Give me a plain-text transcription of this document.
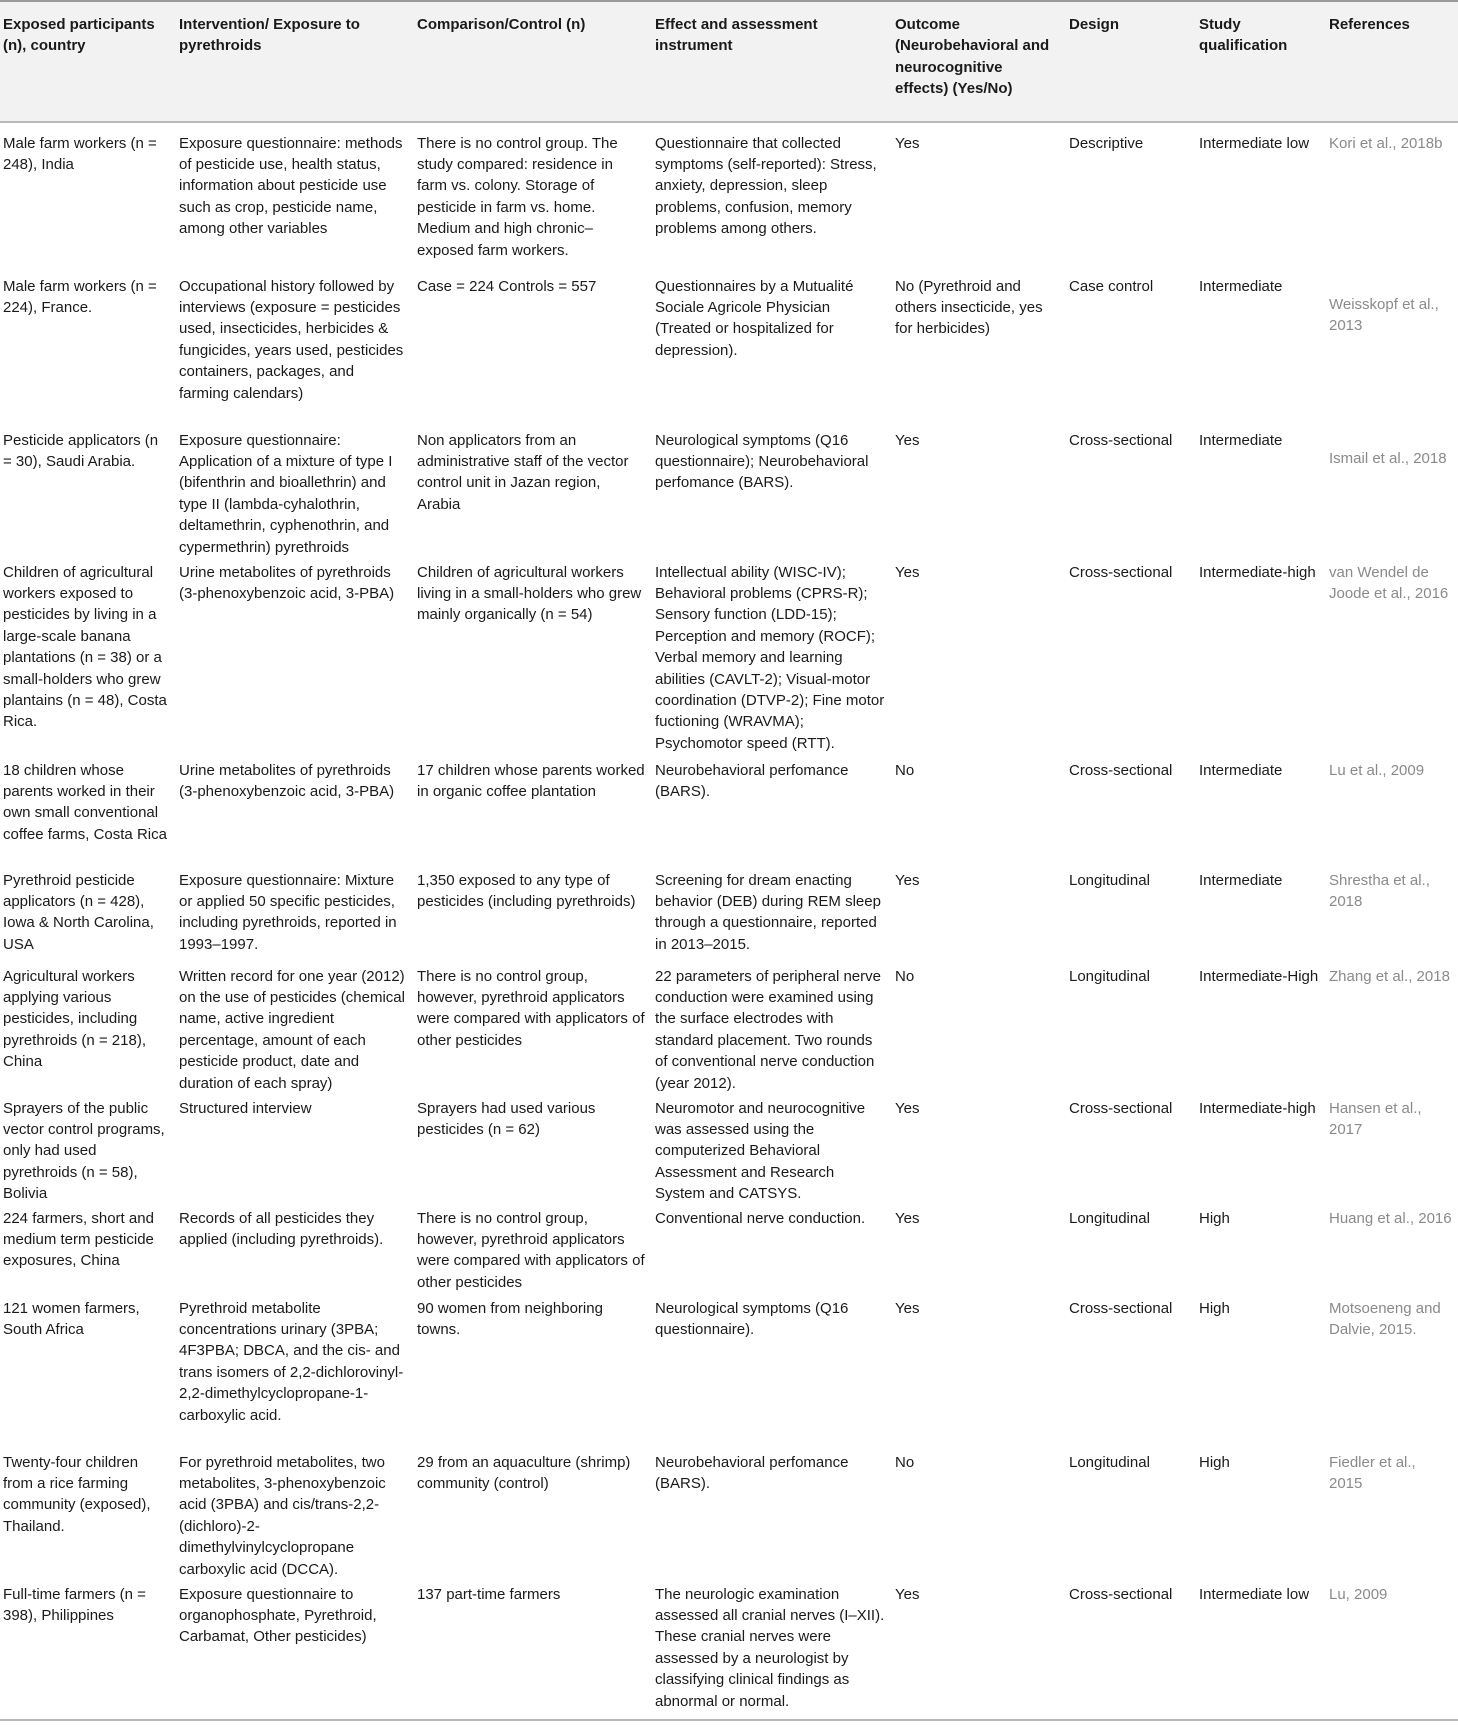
Exposed participants (n), country	Intervention/ Exposure to pyrethroids	Comparison/Control (n)	Effect and assessment instrument	Outcome (Neurobehavioral and neurocognitive effects) (Yes/No)	Design	Study qualification	References
Male farm workers (n = 248), India	Exposure questionnaire: methods of pesticide use, health status, information about pesticide use such as crop, pesticide name, among other variables	There is no control group. The study compared: residence in farm vs. colony. Storage of pesticide in farm vs. home. Medium and high chronic–exposed farm workers.	Questionnaire that collected symptoms (self-reported): Stress, anxiety, depression, sleep problems, confusion, memory problems among others.	Yes	Descriptive	Intermediate low	Kori et al., 2018b
Male farm workers (n = 224), France.	Occupational history followed by interviews (exposure = pesticides used, insecticides, herbicides & fungicides, years used, pesticides containers, packages, and farming calendars)	Case = 224 Controls = 557	Questionnaires by a Mutualité Sociale Agricole Physician (Treated or hospitalized for depression).	No (Pyrethroid and others insecticide, yes for herbicides)	Case control	Intermediate	Weisskopf et al., 2013
Pesticide applicators (n = 30), Saudi Arabia.	Exposure questionnaire: Application of a mixture of type I (bifenthrin and bioallethrin) and type II (lambda-cyhalothrin, deltamethrin, cyphenothrin, and cypermethrin) pyrethroids	Non applicators from an administrative staff of the vector control unit in Jazan region, Arabia	Neurological symptoms (Q16 questionnaire); Neurobehavioral perfomance (BARS).	Yes	Cross-sectional	Intermediate	Ismail et al., 2018
Children of agricultural workers exposed to pesticides by living in a large-scale banana plantations (n = 38) or a small-holders who grew plantains (n = 48), Costa Rica.	Urine metabolites of pyrethroids (3-phenoxybenzoic acid, 3-PBA)	Children of agricultural workers living in a small-holders who grew mainly organically (n = 54)	Intellectual ability (WISC-IV); Behavioral problems (CPRS-R); Sensory function (LDD-15); Perception and memory (ROCF); Verbal memory and learning abilities (CAVLT-2); Visual-motor coordination (DTVP-2); Fine motor fuctioning (WRAVMA); Psychomotor speed (RTT).	Yes	Cross-sectional	Intermediate-high	van Wendel de Joode et al., 2016
18 children whose parents worked in their own small conventional coffee farms, Costa Rica	Urine metabolites of pyrethroids (3-phenoxybenzoic acid, 3-PBA)	17 children whose parents worked in organic coffee plantation	Neurobehavioral perfomance (BARS).	No	Cross-sectional	Intermediate	Lu et al., 2009
Pyrethroid pesticide applicators (n = 428), Iowa & North Carolina, USA	Exposure questionnaire: Mixture or applied 50 specific pesticides, including pyrethroids, reported in 1993–1997.	1,350 exposed to any type of pesticides (including pyrethroids)	Screening for dream enacting behavior (DEB) during REM sleep through a questionnaire, reported in 2013–2015.	Yes	Longitudinal	Intermediate	Shrestha et al., 2018
Agricultural workers applying various pesticides, including pyrethroids (n = 218), China	Written record for one year (2012) on the use of pesticides (chemical name, active ingredient percentage, amount of each pesticide product, date and duration of each spray)	There is no control group, however, pyrethroid applicators were compared with applicators of other pesticides	22 parameters of peripheral nerve conduction were examined using the surface electrodes with standard placement. Two rounds of conventional nerve conduction (year 2012).	No	Longitudinal	Intermediate-High	Zhang et al., 2018
Sprayers of the public vector control programs, only had used pyrethroids (n = 58), Bolivia	Structured interview	Sprayers had used various pesticides (n = 62)	Neuromotor and neurocognitive was assessed using the computerized Behavioral Assessment and Research System and CATSYS.	Yes	Cross-sectional	Intermediate-high	Hansen et al., 2017
224 farmers, short and medium term pesticide exposures, China	Records of all pesticides they applied (including pyrethroids).	There is no control group, however, pyrethroid applicators were compared with applicators of other pesticides	Conventional nerve conduction.	Yes	Longitudinal	High	Huang et al., 2016
121 women farmers, South Africa	Pyrethroid metabolite concentrations urinary (3PBA; 4F3PBA; DBCA, and the cis- and trans isomers of 2,2-dichlorovinyl-2,2-dimethylcyclopropane-1-carboxylic acid.	90 women from neighboring towns.	Neurological symptoms (Q16 questionnaire).	Yes	Cross-sectional	High	Motsoeneng and Dalvie, 2015.
Twenty-four children from a rice farming community (exposed), Thailand.	For pyrethroid metabolites, two metabolites, 3-phenoxybenzoic acid (3PBA) and cis/trans-2,2-(dichloro)-2-dimethylvinylcyclopropane carboxylic acid (DCCA).	29 from an aquaculture (shrimp) community (control)	Neurobehavioral perfomance (BARS).	No	Longitudinal	High	Fiedler et al., 2015
Full-time farmers (n = 398), Philippines	Exposure questionnaire to organophosphate, Pyrethroid, Carbamat, Other pesticides)	137 part-time farmers	The neurologic examination assessed all cranial nerves (I–XII). These cranial nerves were assessed by a neurologist by classifying clinical findings as abnormal or normal.	Yes	Cross-sectional	Intermediate low	Lu, 2009
